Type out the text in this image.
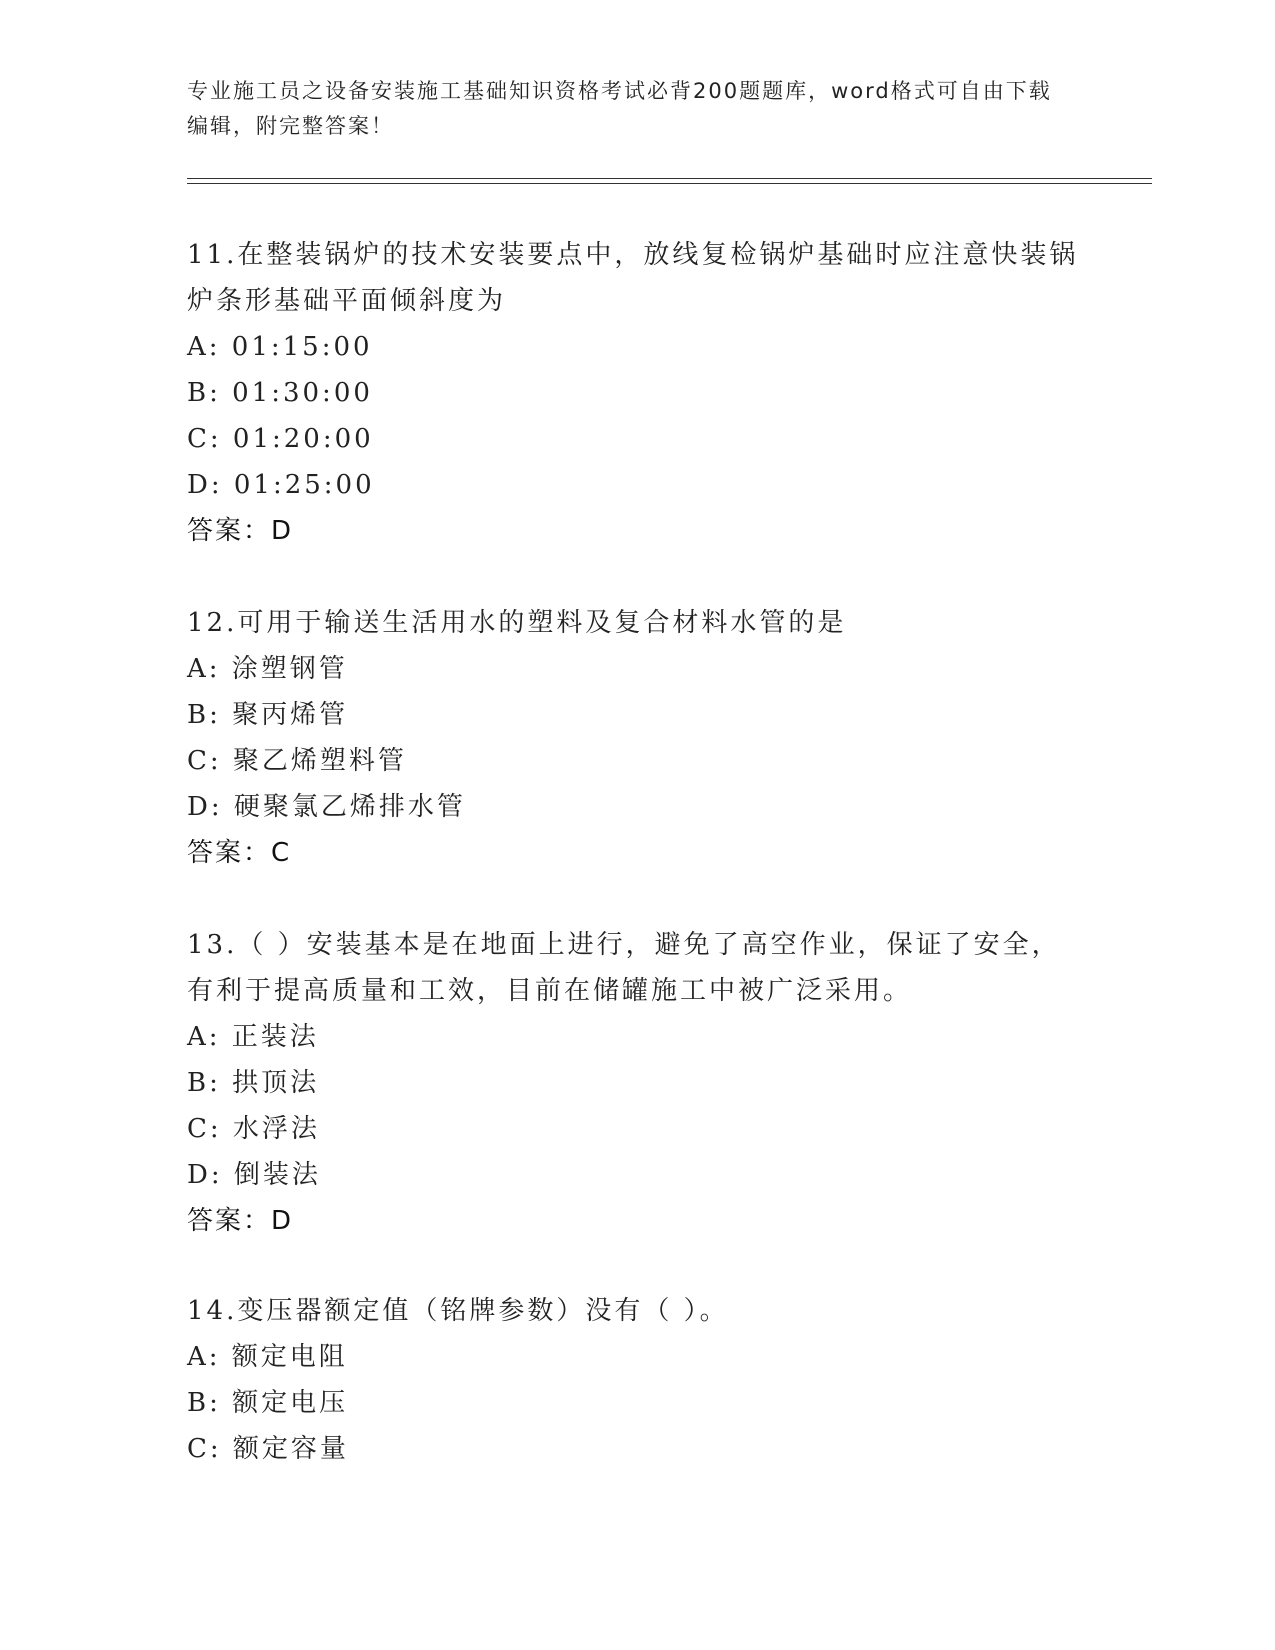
专业施工员之设备安装施工基础知识资格考试必背200题题库，word格式可自由下载编辑，附完整答案！

11.在整装锅炉的技术安装要点中，放线复检锅炉基础时应注意快装锅炉条形基础平面倾斜度为

A: 01:15:00
B: 01:30:00
C: 01:20:00
D: 01:25:00
答案：D

12.可用于输送生活用水的塑料及复合材料水管的是

A: 涂塑钢管
B: 聚丙烯管
C: 聚乙烯塑料管
D: 硬聚氯乙烯排水管
答案：C

13.（ ）安装基本是在地面上进行，避免了高空作业，保证了安全，有利于提高质量和工效，目前在储罐施工中被广泛采用。

A: 正装法
B: 拱顶法
C: 水浮法
D: 倒装法
答案：D

14.变压器额定值（铭牌参数）没有（ ）。

A: 额定电阻
B: 额定电压
C: 额定容量
